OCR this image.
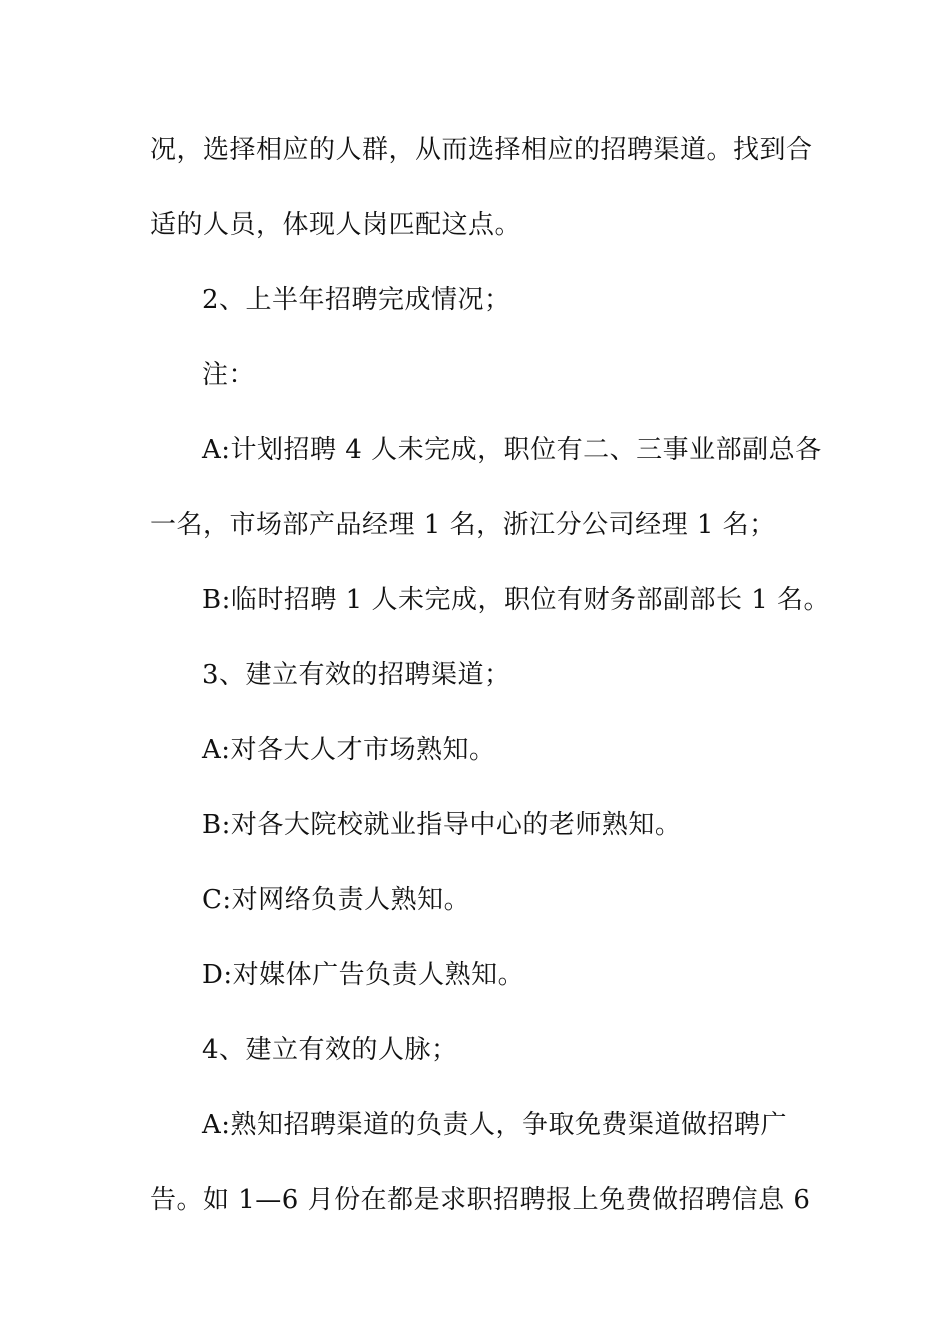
况，选择相应的人群，从而选择相应的招聘渠道。找到合
适的人员，体现人岗匹配这点。
2、上半年招聘完成情况；
注：
A:计划招聘 4 人未完成，职位有二、三事业部副总各
一名，市场部产品经理 1 名，浙江分公司经理 1 名；
B:临时招聘 1 人未完成，职位有财务部副部长 1 名。
3、建立有效的招聘渠道；
A:对各大人才市场熟知。
B:对各大院校就业指导中心的老师熟知。
C:对网络负责人熟知。
D:对媒体广告负责人熟知。
4、建立有效的人脉；
A:熟知招聘渠道的负责人，争取免费渠道做招聘广
告。如 1—6 月份在都是求职招聘报上免费做招聘信息 6
